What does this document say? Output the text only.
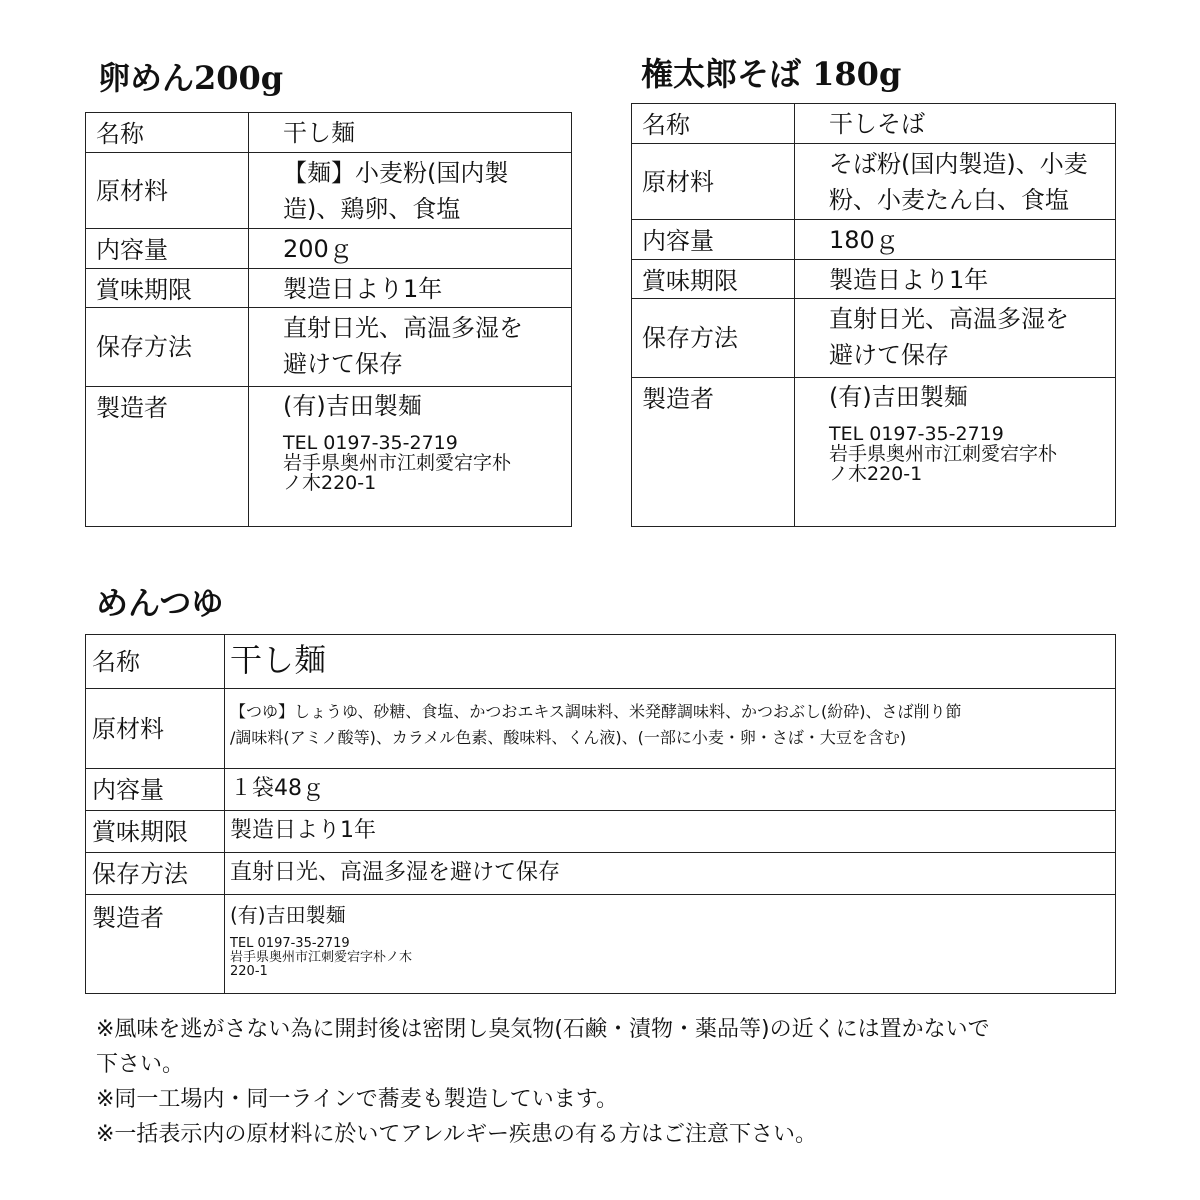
卵めん200g
名称	干し麺
原材料	【麺】小麦粉(国内製
造)、鶏卵、食塩

内容量	200ｇ
賞味期限	製造日より1年
保存方法	直射日光、高温多湿を
避けて保存

製造者	(有)吉田製麺
TEL 0197-35-2719
岩手県奥州市江刺愛宕字朴
ノ木220-1
権太郎そば 180g
名称	干しそば
原材料	そば粉(国内製造)、小麦
粉、小麦たん白、食塩

内容量	180ｇ
賞味期限	製造日より1年
保存方法	直射日光、高温多湿を
避けて保存

製造者	(有)吉田製麺
TEL 0197-35-2719
岩手県奥州市江刺愛宕字朴
ノ木220-1
めんつゆ
名称	干し麺
原材料	【つゆ】しょうゆ、砂糖、食塩、かつおエキス調味料、米発酵調味料、かつおぶし(紛砕)、さば削り節
/調味料(アミノ酸等)、カラメル色素、酸味料、くん液)、(一部に小麦・卵・さば・大豆を含む)
内容量	１袋48ｇ
賞味期限	製造日より1年
保存方法	直射日光、高温多湿を避けて保存
製造者	(有)吉田製麺
TEL 0197-35-2719
岩手県奥州市江刺愛宕字朴ノ木
220-1

※風味を逃がさない為に開封後は密閉し臭気物(石鹸・漬物・薬品等)の近くには置かないで

下さい。

※同一工場内・同一ラインで蕎麦も製造しています。

※一括表示内の原材料に於いてアレルギー疾患の有る方はご注意下さい。
